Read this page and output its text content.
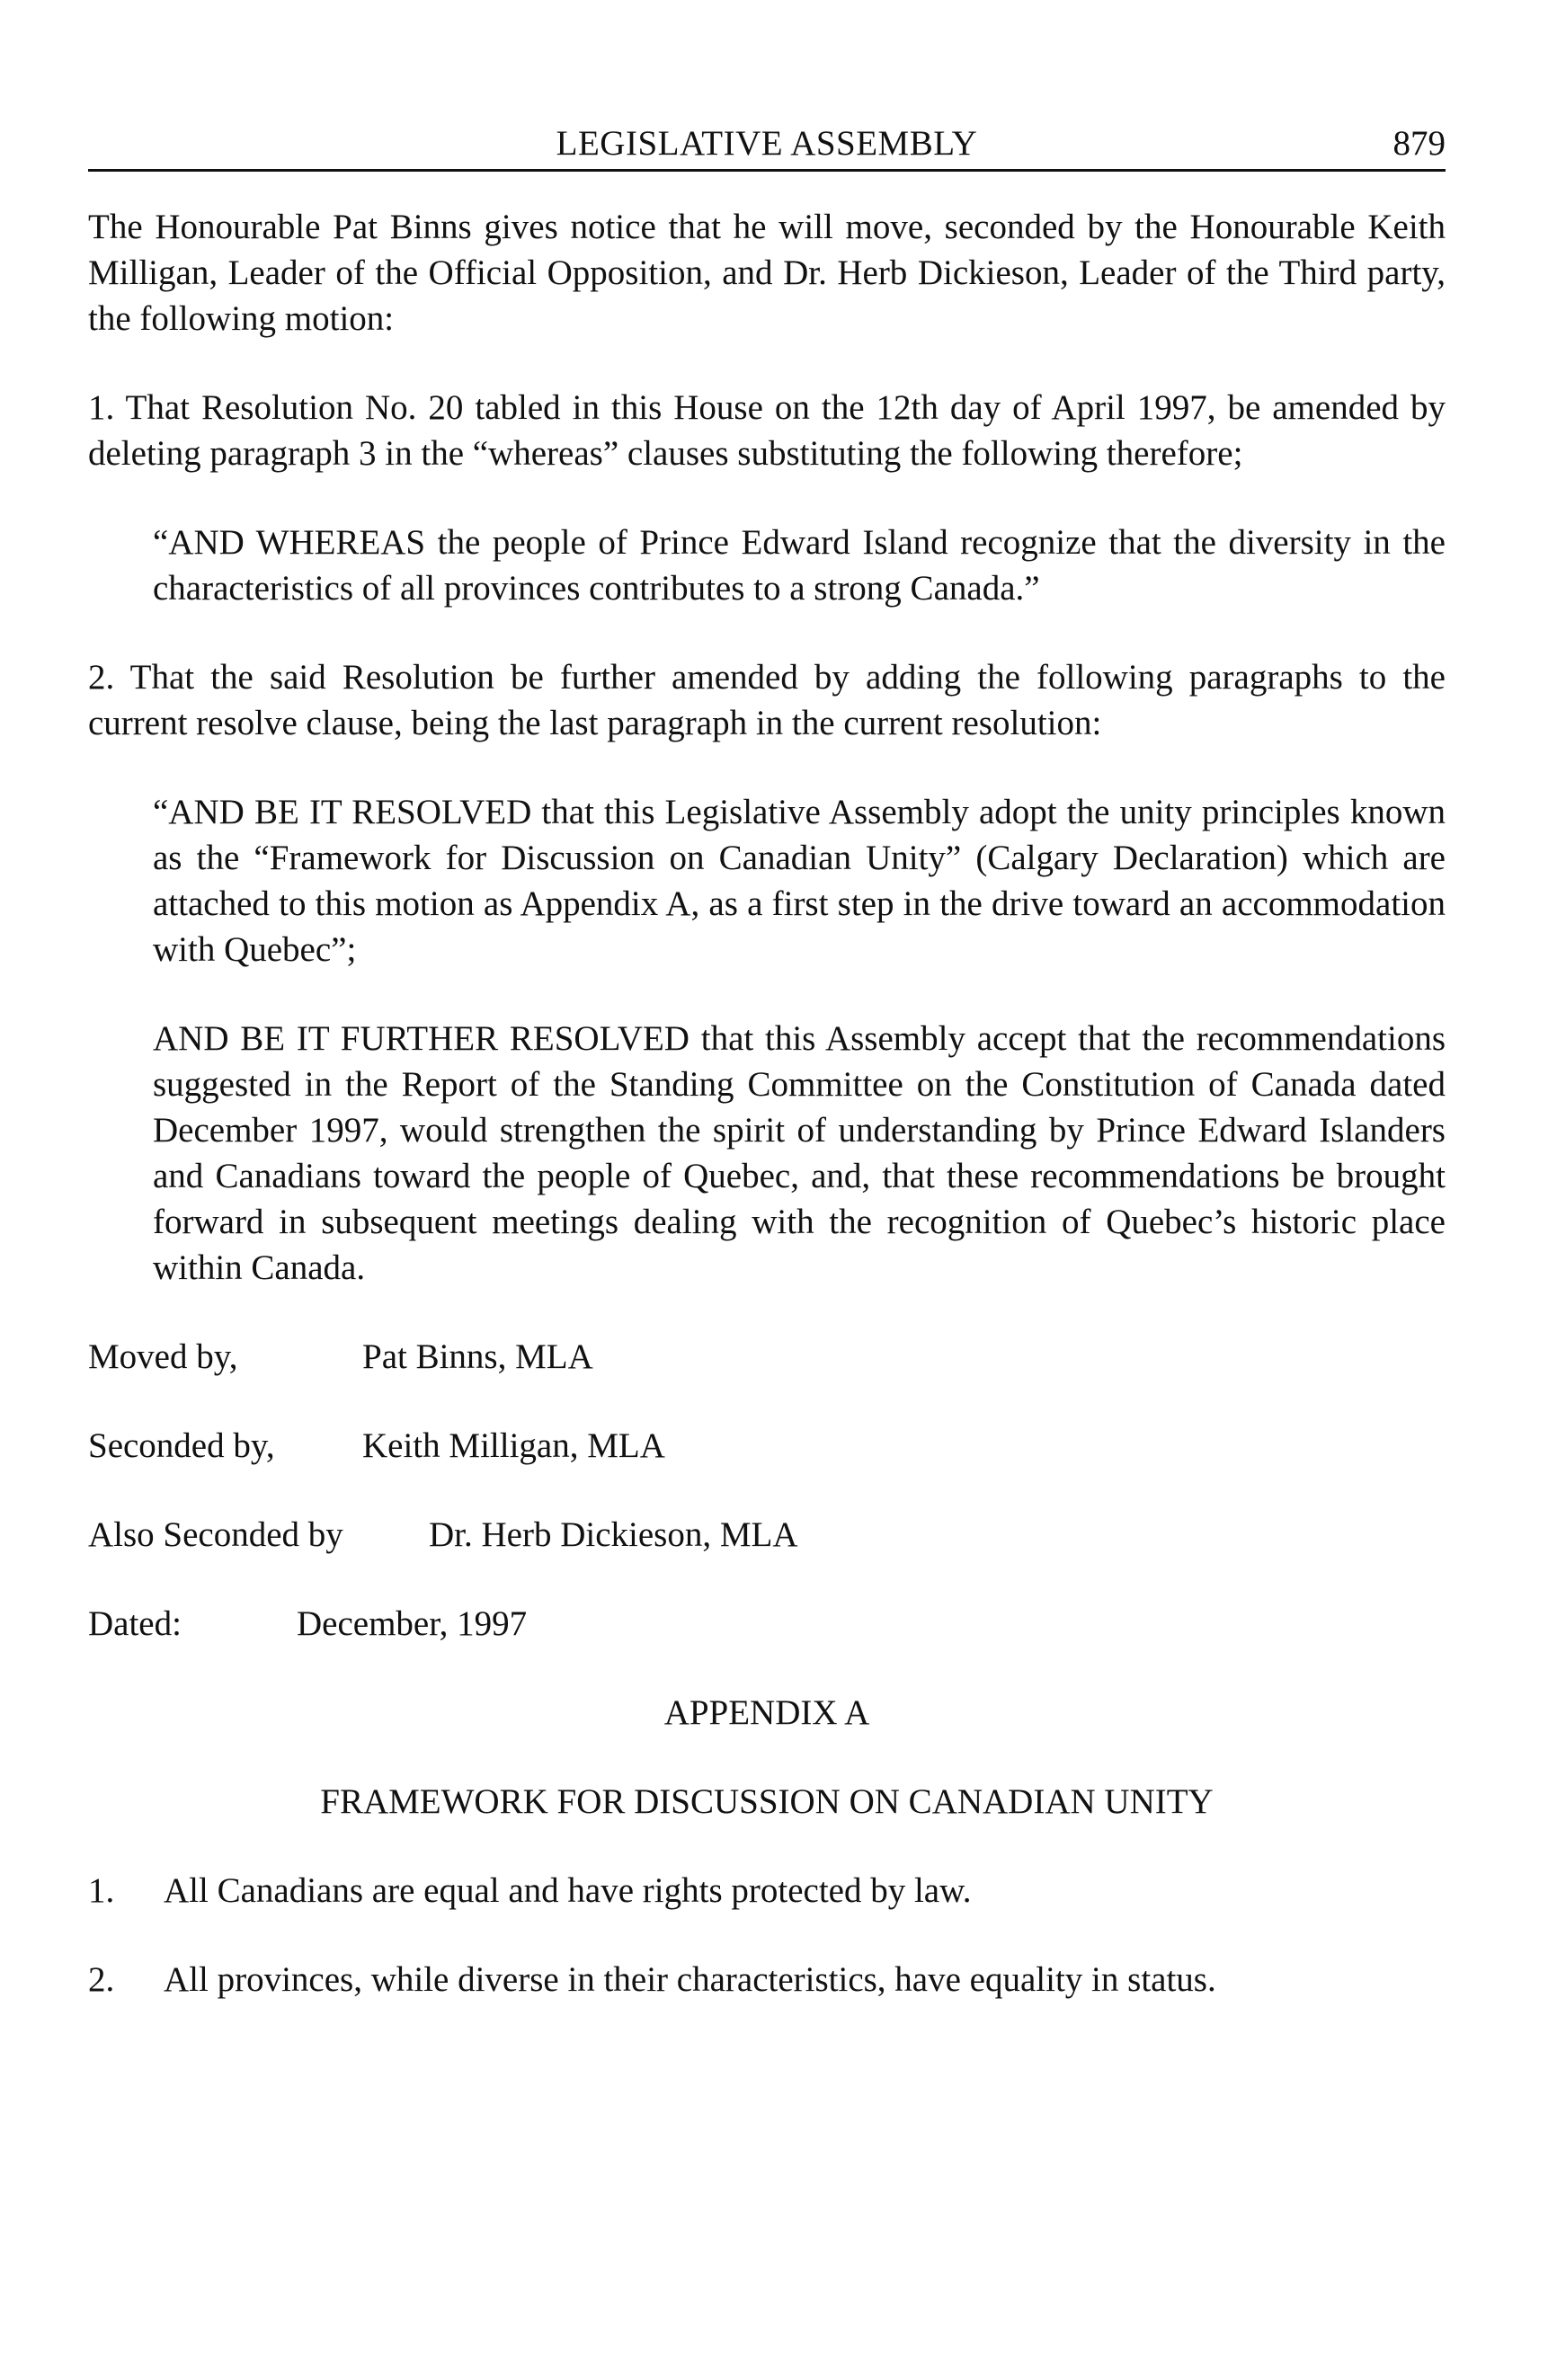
LEGISLATIVE ASSEMBLY	879

The Honourable Pat Binns gives notice that he will move, seconded by the Honourable Keith Milligan, Leader of the Official Opposition, and Dr. Herb Dickieson, Leader of the Third party, the following motion:

1. That Resolution No. 20 tabled in this House on the 12th day of April 1997, be amended by deleting paragraph 3 in the “whereas” clauses substituting the following therefore;

“AND WHEREAS the people of Prince Edward Island recognize that the diversity in the characteristics of all provinces contributes to a strong Canada.”

2. That the said Resolution be further amended by adding the following paragraphs to the current resolve clause, being the last paragraph in the current resolution:

“AND BE IT RESOLVED that this Legislative Assembly adopt the unity principles known as the “Framework for Discussion on Canadian Unity” (Calgary Declaration) which are attached to this motion as Appendix A, as a first step in the drive toward an accommodation with Quebec”;

AND BE IT FURTHER RESOLVED that this Assembly accept that the recommendations suggested in the Report of the Standing Committee on the Constitution of Canada dated December 1997, would strengthen the spirit of understanding by Prince Edward Islanders and Canadians toward the people of Quebec, and, that these recommendations be brought forward in subsequent meetings dealing with the recognition of Quebec’s historic place within Canada.

Moved by,	Pat Binns, MLA
Seconded by, Keith Milligan, MLA
Also Seconded by Dr. Herb Dickieson, MLA
Dated:	December, 1997
APPENDIX A
FRAMEWORK FOR DISCUSSION ON CANADIAN UNITY
1. All Canadians are equal and have rights protected by law.
2. All provinces, while diverse in their characteristics, have equality in status.
